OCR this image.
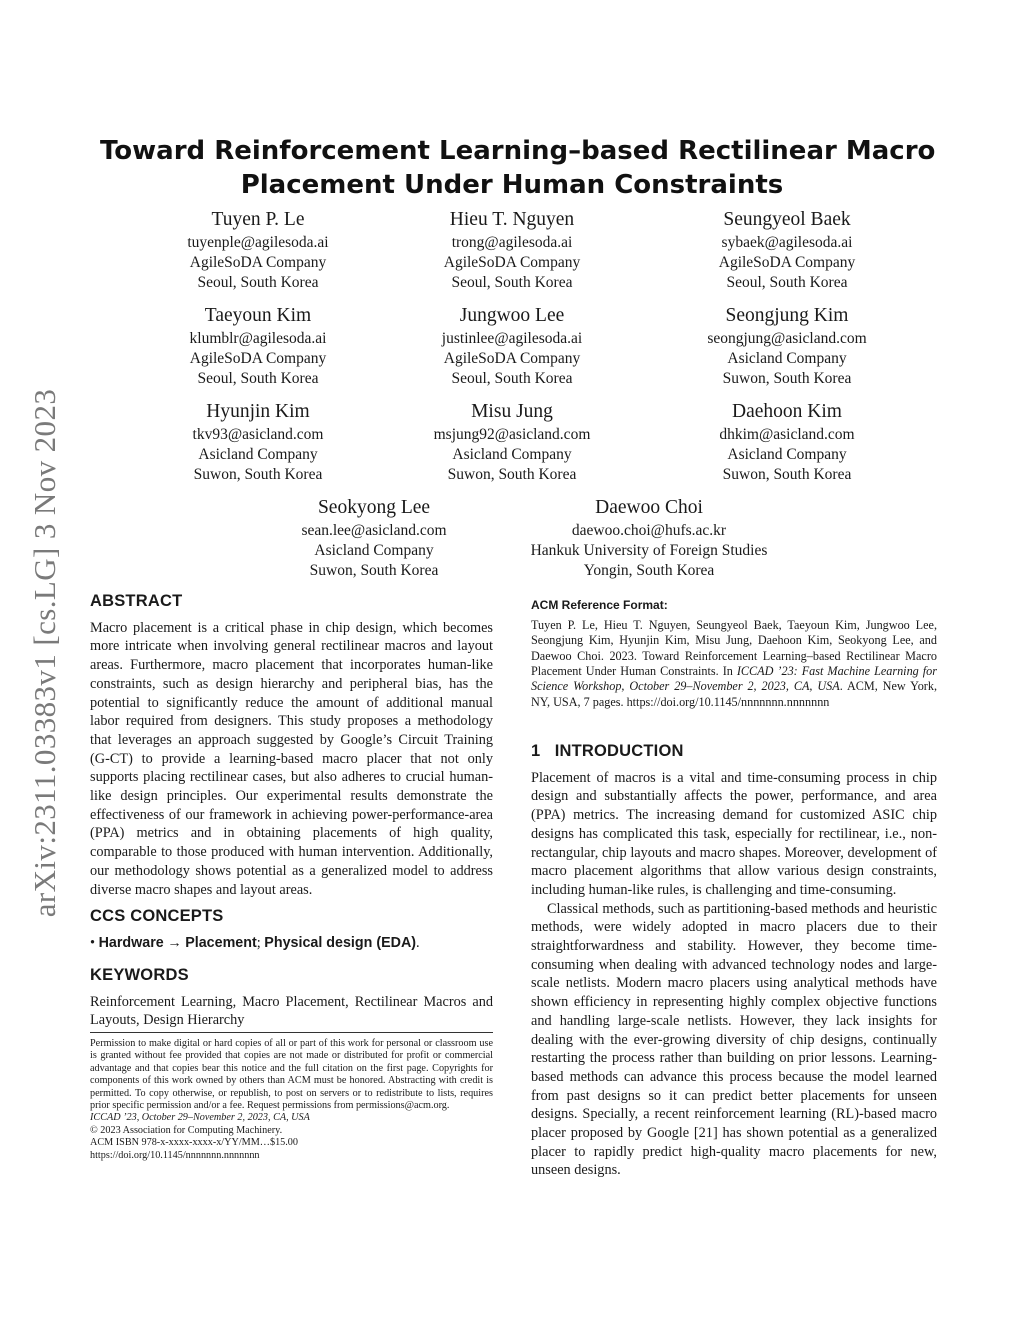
arXiv:2311.03383v1 [cs.LG] 3 Nov 2023
Toward Reinforcement Learning–based Rectilinear Macro
Placement Under Human Constraints
Tuyen P. Le
tuyenple@agilesoda.ai
AgileSoDA Company
Seoul, South Korea
Hieu T. Nguyen
trong@agilesoda.ai
AgileSoDA Company
Seoul, South Korea
Seungyeol Baek
sybaek@agilesoda.ai
AgileSoDA Company
Seoul, South Korea
Taeyoun Kim
klumblr@agilesoda.ai
AgileSoDA Company
Seoul, South Korea
Jungwoo Lee
justinlee@agilesoda.ai
AgileSoDA Company
Seoul, South Korea
Seongjung Kim
seongjung@asicland.com
Asicland Company
Suwon, South Korea
Hyunjin Kim
tkv93@asicland.com
Asicland Company
Suwon, South Korea
Misu Jung
msjung92@asicland.com
Asicland Company
Suwon, South Korea
Daehoon Kim
dhkim@asicland.com
Asicland Company
Suwon, South Korea
Seokyong Lee
sean.lee@asicland.com
Asicland Company
Suwon, South Korea
Daewoo Choi
daewoo.choi@hufs.ac.kr
Hankuk University of Foreign Studies
Yongin, South Korea
ABSTRACT

Macro placement is a critical phase in chip design, which becomes more intricate when involving general rectilinear macros and layout areas. Furthermore, macro placement that incorporates human-like constraints, such as design hierarchy and peripheral bias, has the potential to significantly reduce the amount of additional manual labor required from designers. This study proposes a methodology that leverages an approach suggested by Google’s Circuit Training (G-CT) to provide a learning-based macro placer that not only supports placing rectilinear cases, but also adheres to crucial human-like design principles. Our experimental results demonstrate the effectiveness of our framework in achieving power-performance-area (PPA) metrics and in obtaining placements of high quality, comparable to those produced with human intervention. Additionally, our methodology shows potential as a generalized model to address diverse macro shapes and layout areas.

CCS CONCEPTS

• Hardware → Placement; Physical design (EDA).

KEYWORDS

Reinforcement Learning, Macro Placement, Rectilinear Macros and Layouts, Design Hierarchy

Permission to make digital or hard copies of all or part of this work for personal or classroom use is granted without fee provided that copies are not made or distributed for profit or commercial advantage and that copies bear this notice and the full citation on the first page. Copyrights for components of this work owned by others than ACM must be honored. Abstracting with credit is permitted. To copy otherwise, or republish, to post on servers or to redistribute to lists, requires prior specific permission and/or a fee. Request permissions from permissions@acm.org.

ICCAD ’23, October 29–November 2, 2023, CA, USA

© 2023 Association for Computing Machinery.

ACM ISBN 978-x-xxxx-xxxx-x/YY/MM…$15.00

https://doi.org/10.1145/nnnnnnn.nnnnnnn

ACM Reference Format:

Tuyen P. Le, Hieu T. Nguyen, Seungyeol Baek, Taeyoun Kim, Jungwoo Lee, Seongjung Kim, Hyunjin Kim, Misu Jung, Daehoon Kim, Seokyong Lee, and Daewoo Choi. 2023. Toward Reinforcement Learning–based Rectilinear Macro Placement Under Human Constraints. In ICCAD ’23: Fast Machine Learning for Science Workshop, October 29–November 2, 2023, CA, USA. ACM, New York, NY, USA, 7 pages. https://doi.org/10.1145/nnnnnnn.nnnnnnn

1   INTRODUCTION

Placement of macros is a vital and time-consuming process in chip design and substantially affects the power, performance, and area (PPA) metrics. The increasing demand for customized ASIC chip designs has complicated this task, especially for rectilinear, i.e., non-rectangular, chip layouts and macro shapes. Moreover, development of macro placement algorithms that allow various design constraints, including human-like rules, is challenging and time-consuming.

Classical methods, such as partitioning-based methods and heuristic methods, were widely adopted in macro placers due to their straightforwardness and stability. However, they become time-consuming when dealing with advanced technology nodes and large-scale netlists. Modern macro placers using analytical methods have shown efficiency in representing highly complex objective functions and handling large-scale netlists. However, they lack insights for dealing with the ever-growing diversity of chip designs, continually restarting the process rather than building on prior lessons. Learning-based methods can advance this process because the model learned from past designs so it can predict better placements for unseen designs. Specially, a recent reinforcement learning (RL)-based macro placer proposed by Google [21] has shown potential as a generalized placer to rapidly predict high-quality macro placements for new, unseen designs.
